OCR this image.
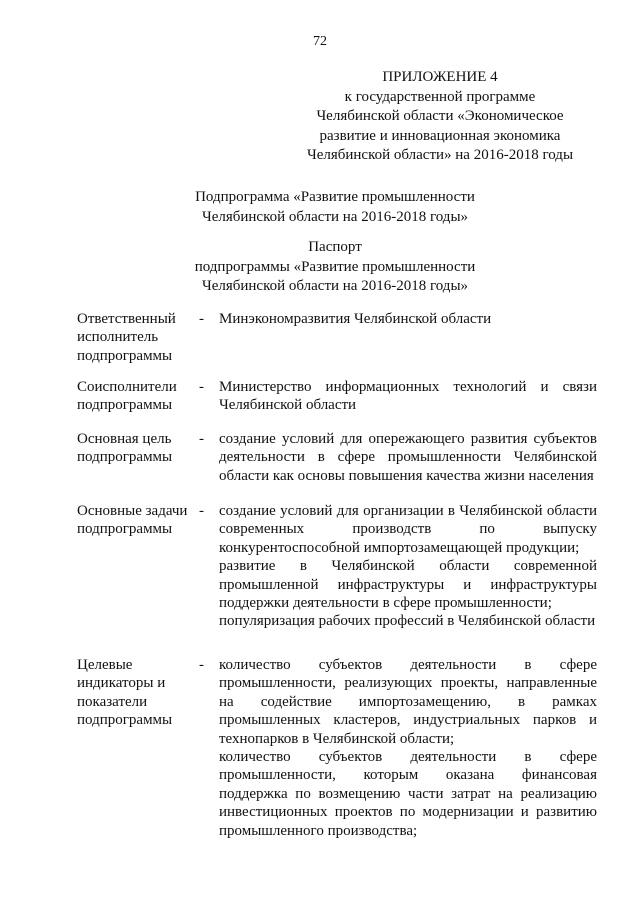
72
ПРИЛОЖЕНИЕ 4
к государственной программе
Челябинской области «Экономическое
развитие и инновационная экономика
Челябинской области» на 2016-2018 годы
Подпрограмма «Развитие промышленности
Челябинской области на 2016-2018 годы»
Паспорт
подпрограммы «Развитие промышленности
Челябинской области на 2016-2018 годы»
Ответственный
исполнитель
подпрограммы
-	Минэкономразвития Челябинской области

Соисполнители
подпрограммы
-	Министерство информационных технологий и связи Челябинской области

Основная цель
подпрограммы
-	создание условий для опережающего развития субъектов деятельности в сфере промышленности Челябинской области как основы повышения качества жизни населения

Основные задачи
подпрограммы
-	создание условий для организации в Челябинской области современных производств по выпуску конкурентоспособной импортозамещающей продукции;

развитие в Челябинской области современной промышленной инфраструктуры и инфраструктуры поддержки деятельности в сфере промышленности;

популяризация рабочих профессий в Челябинской области

Целевые
индикаторы и
показатели
подпрограммы
-	количество субъектов деятельности в сфере промышленности, реализующих проекты, направленные на содействие импортозамещению, в рамках промышленных кластеров, индустриальных парков и технопарков в Челябинской области;

количество субъектов деятельности в сфере промышленности, которым оказана финансовая поддержка по возмещению части затрат на реализацию инвестиционных проектов по модернизации и развитию промышленного производства;
